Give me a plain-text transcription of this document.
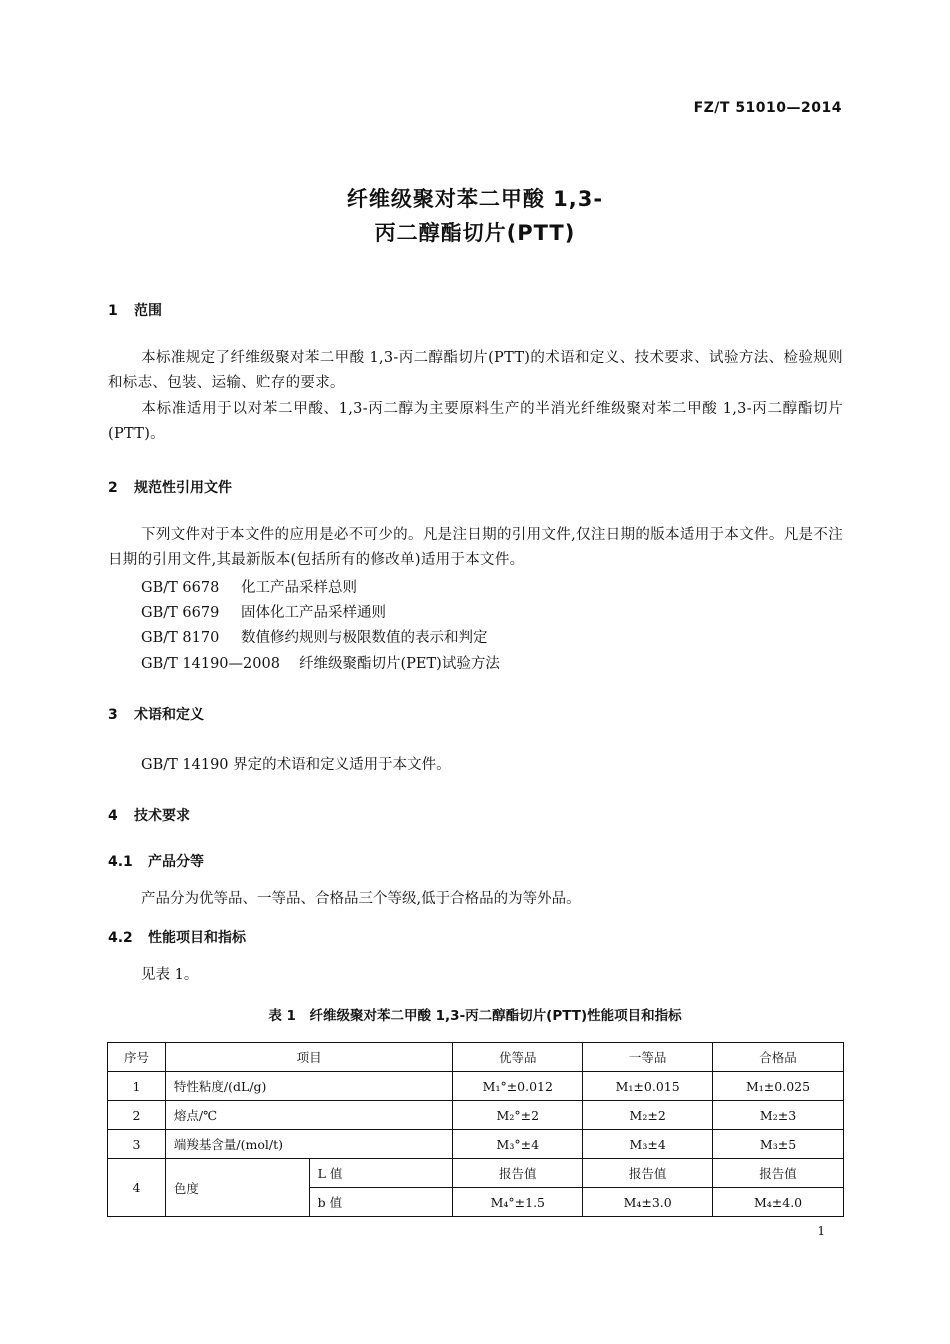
FZ/T 51010—2014
纤维级聚对苯二甲酸 1,3-
丙二醇酯切片(PTT)
1 范围
本标准规定了纤维级聚对苯二甲酸 1,3-丙二醇酯切片(PTT)的术语和定义、技术要求、试验方法、检验规则和标志、包装、运输、贮存的要求。
本标准适用于以对苯二甲酸、1,3-丙二醇为主要原料生产的半消光纤维级聚对苯二甲酸 1,3-丙二醇酯切片(PTT)。
2 规范性引用文件
下列文件对于本文件的应用是必不可少的。凡是注日期的引用文件,仅注日期的版本适用于本文件。凡是不注日期的引用文件,其最新版本(包括所有的修改单)适用于本文件。
GB/T 6678 化工产品采样总则
GB/T 6679 固体化工产品采样通则
GB/T 8170 数值修约规则与极限数值的表示和判定
GB/T 14190—2008 纤维级聚酯切片(PET)试验方法
3 术语和定义
GB/T 14190 界定的术语和定义适用于本文件。
4 技术要求
4.1 产品分等
产品分为优等品、一等品、合格品三个等级,低于合格品的为等外品。
4.2 性能项目和指标
见表 1。
表 1　纤维级聚对苯二甲酸 1,3-丙二醇酯切片(PTT)性能项目和指标
序号	项目		优等品	一等品	合格品
1	特性粘度/(dL/g)		M₁°±0.012	M₁±0.015	M₁±0.025
2	熔点/℃		M₂°±2	M₂±2	M₂±3
3	端羧基含量/(mol/t)		M₃°±4	M₃±4	M₃±5
4	色度	L 值	报告值	报告值	报告值
		b 值	M₄°±1.5	M₄±3.0	M₄±4.0
1
